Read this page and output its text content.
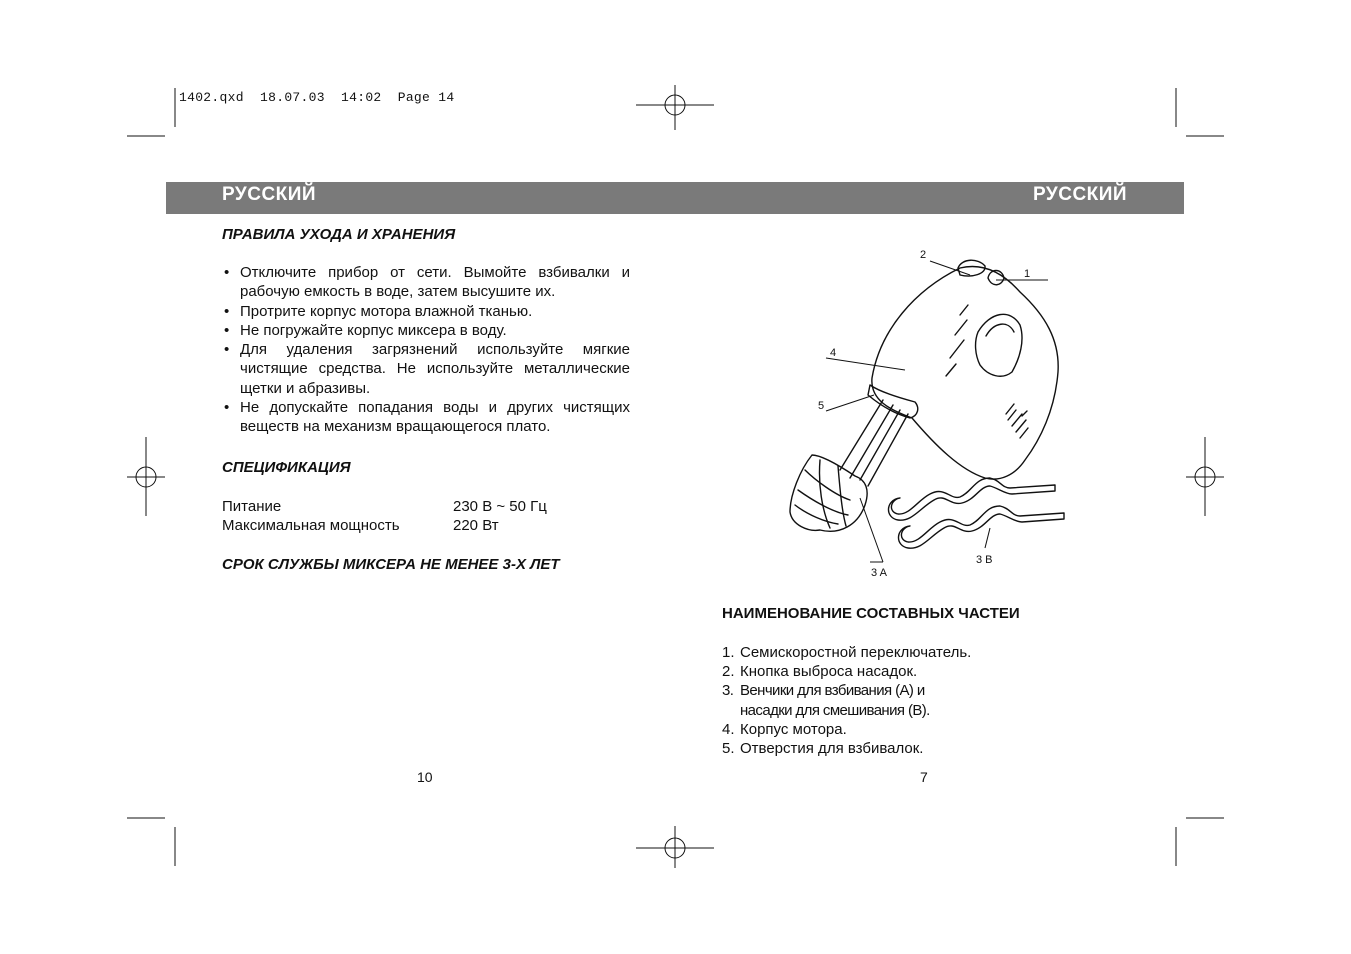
1402.qxd  18.07.03  14:02  Page 14
РУССКИЙ	РУССКИЙ
ПРАВИЛА УХОДА И ХРАНЕНИЯ
• Отключите прибор от сети. Вымойте взбивалки и рабочую емкость в воде, затем высушите их.
• Протрите корпус мотора влажной тканью.
• Не погружайте корпус миксера в воду.
• Для удаления загрязнений используйте мягкие чистящие средства. Не используйте металлические щетки и абразивы.
• Не допускайте попадания воды и других чистящих веществ на механизм вращающегося плато.
СПЕЦИФИКАЦИЯ
Питание	230 В ~ 50 Гц
Максимальная мощность	220 Вт
СРОК СЛУЖБЫ МИКСЕРА НЕ МЕНЕЕ 3-Х ЛЕТ
10
1
2
3 A
3 B
4
5
НАИМЕНОВАНИЕ СОСТАВНЫХ ЧАСТЕИ
1. Семискоростной переключатель.
2. Кнопка выброса насадок.
3. Венчики для взбивания (А) и
насадки для смешивания (В).
4. Корпус мотора.
5. Отверстия для взбивалок.
7
